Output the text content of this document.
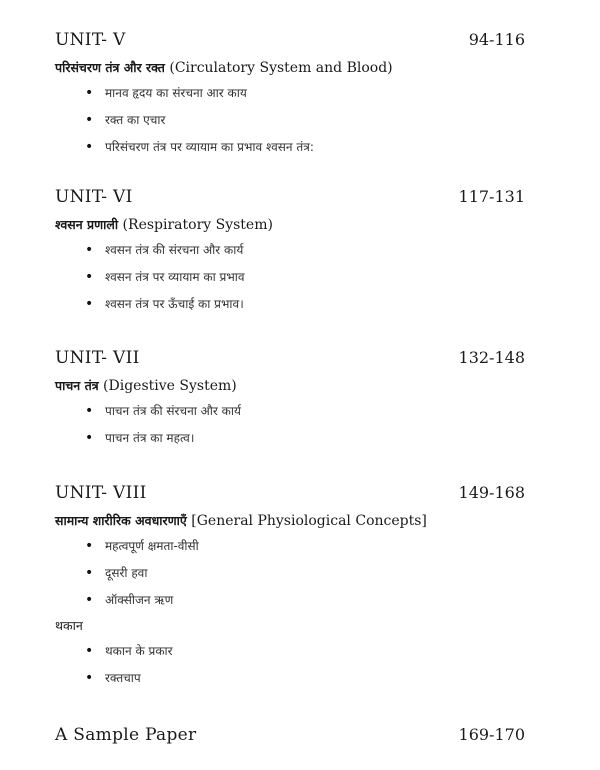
UNIT- V	94-116
परिसंचरण तंत्र और रक्त (Circulatory System and Blood)
• मानव हृदय का संरचना आर काय
• रक्त का एचार
• परिसंचरण तंत्र पर व्यायाम का प्रभाव श्वसन तंत्र:
UNIT- VI	117-131
श्वसन प्रणाली (Respiratory System)
• श्वसन तंत्र की संरचना और कार्य
• श्वसन तंत्र पर व्यायाम का प्रभाव
• श्वसन तंत्र पर ऊँचाई का प्रभाव।
UNIT- VII	132-148
पाचन तंत्र (Digestive System)
• पाचन तंत्र की संरचना और कार्य
• पाचन तंत्र का महत्व।
UNIT- VIII	149-168
सामान्य शारीरिक अवधारणाएँ [General Physiological Concepts]
• महत्वपूर्ण क्षमता-वीसी
• दूसरी हवा
• ऑक्सीजन ऋण
थकान
• थकान के प्रकार
• रक्तचाप
A Sample Paper	169-170
